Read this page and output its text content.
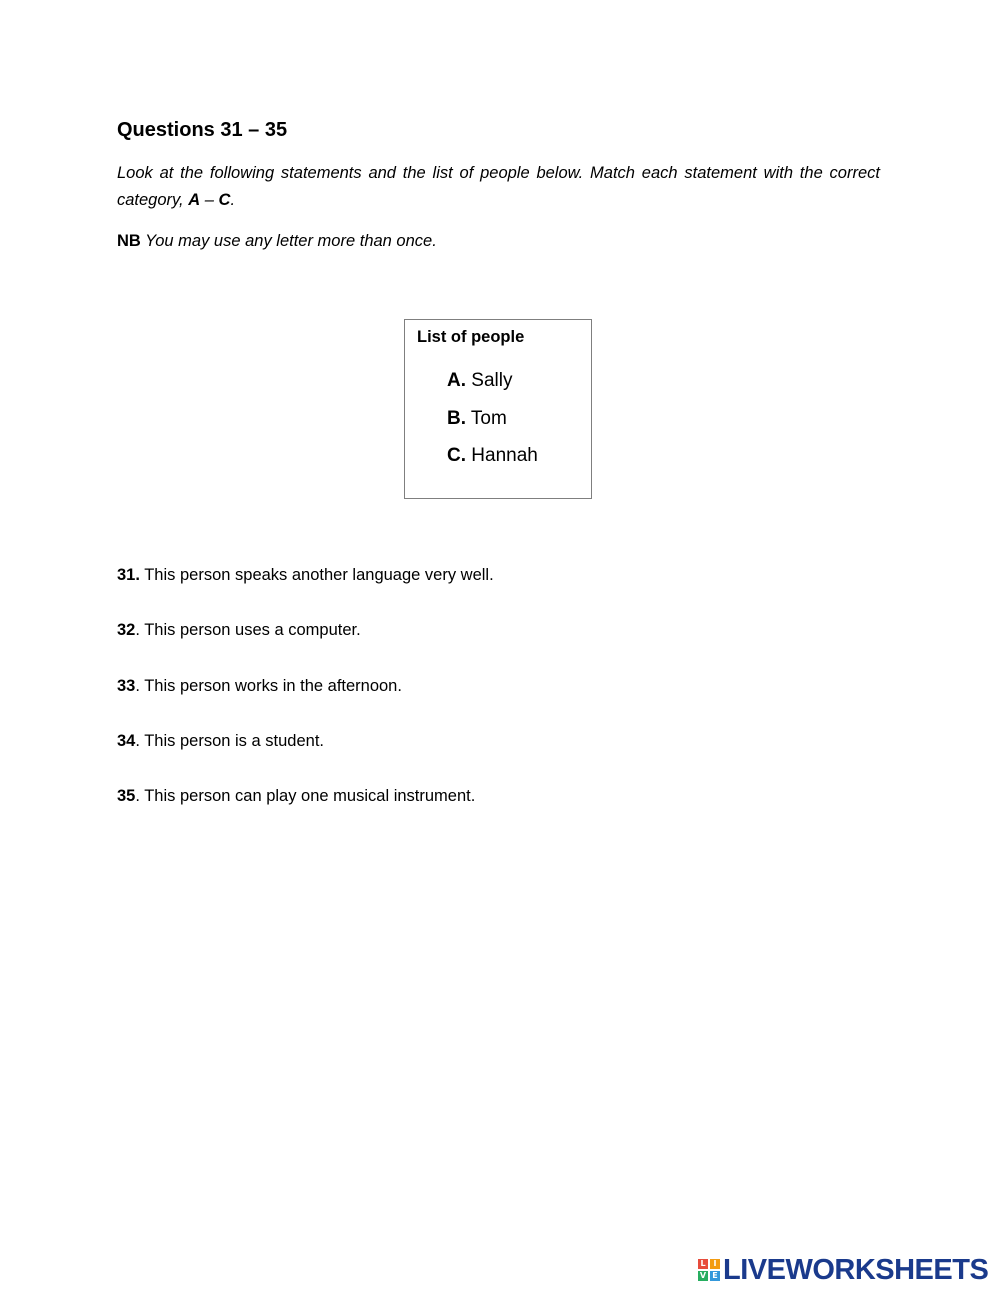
Questions 31 – 35

Look at the following statements and the list of people below. Match each statement with the correct category, A – C.

NB You may use any letter more than once.

List of people
A. Sally
B. Tom
C. Hannah

31. This person speaks another language very well.

32. This person uses a computer.

33. This person works in the afternoon.

34. This person is a student.

35. This person can play one musical instrument.

L I
V E LIVEWORKSHEETS
